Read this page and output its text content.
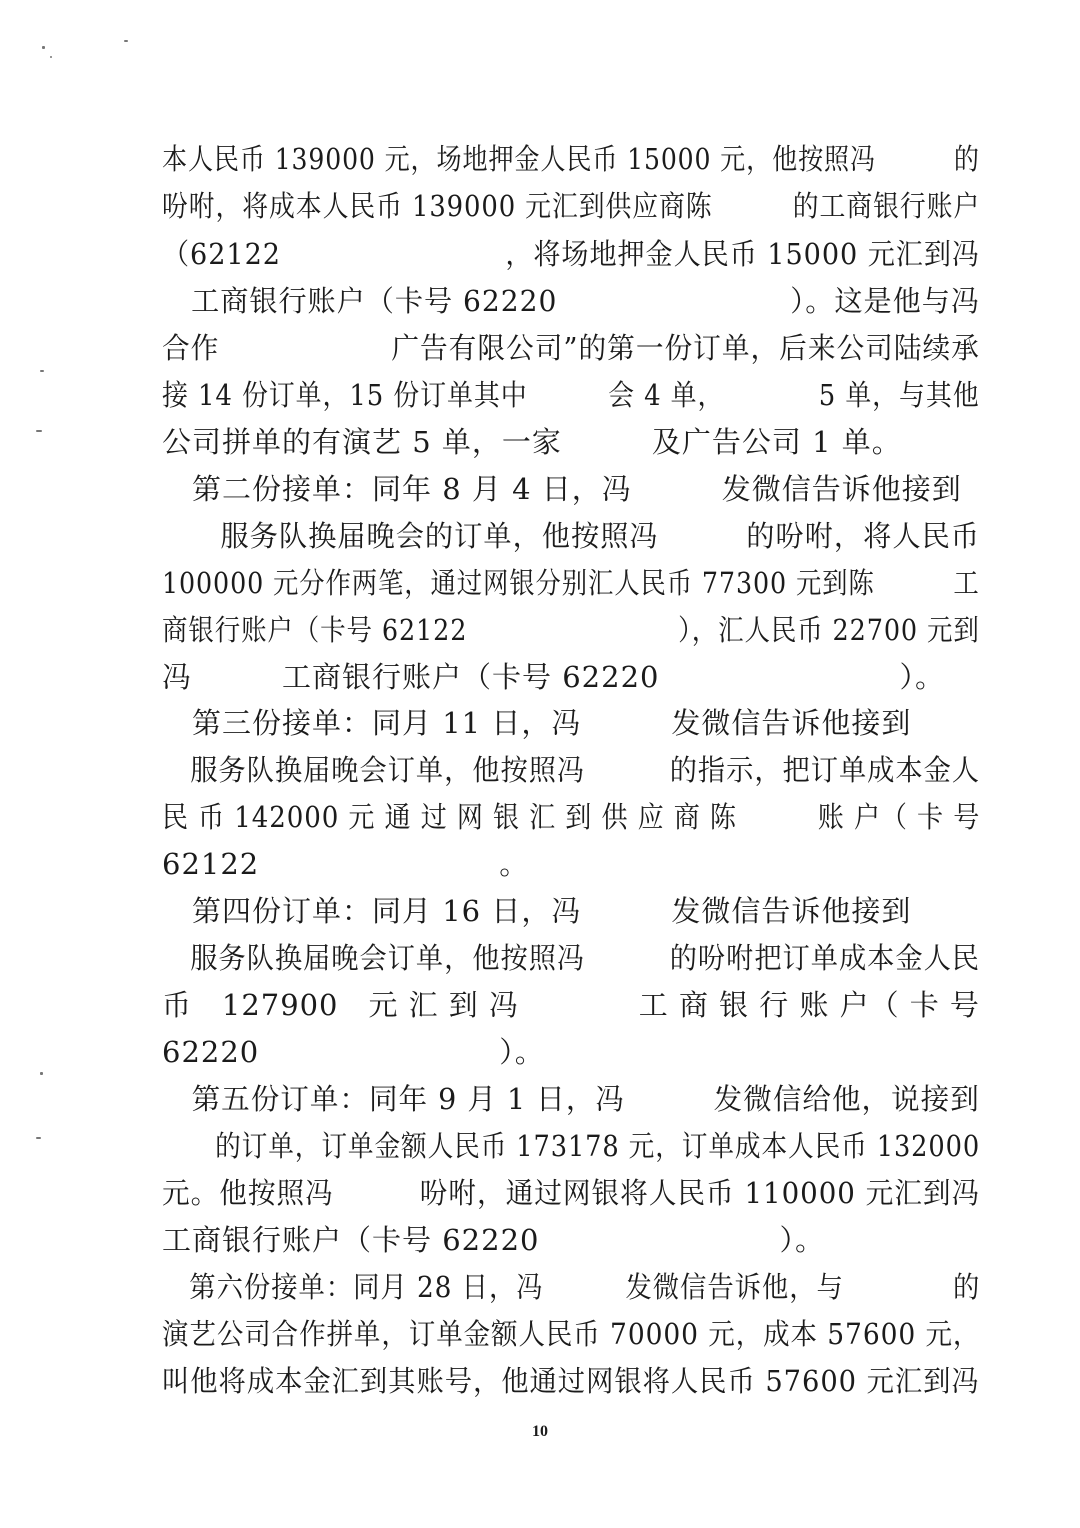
本人民币 139000 元，场地押金人民币 15000 元，他按照冯　　　的
吩咐，将成本人民币 139000 元汇到供应商陈　　　的工商银行账户
（62122　　　　　　　　，将场地押金人民币 15000 元汇到冯
　工商银行账户（卡号 62220　　　　　　　　）。这是他与冯
合作　　　　　　广告有限公司”的第一份订单，后来公司陆续承
接 14 份订单，15 份订单其中　　　会 4 单，　　　　5 单，与其他
公司拼单的有演艺 5 单，一家　　　及广告公司 1 单。
　第二份接单：同年 8 月 4 日，冯　　　发微信告诉他接到
　　服务队换届晚会的订单，他按照冯　　　的吩咐，将人民币
100000 元分作两笔，通过网银分别汇人民币 77300 元到陈　　　工
商银行账户（卡号 62122　　　　　　　　），汇人民币 22700 元到
冯　　　工商银行账户（卡号 62220　　　　　　　　）。
　第三份接单：同月 11 日，冯　　　发微信告诉他接到
　服务队换届晚会订单，他按照冯　　　的指示，把订单成本金人
民 币 142000 元 通 过 网 银 汇 到 供 应 商 陈　　　账 户（ 卡 号
62122　　　　　　　　。
　第四份订单：同月 16 日，冯　　　发微信告诉他接到
　服务队换届晚会订单，他按照冯　　　的吩咐把订单成本金人民
币　127900　元 汇 到 冯　　　　工 商 银 行 账 户（ 卡 号
62220　　　　　　　　）。
　第五份订单：同年 9 月 1 日，冯　　　发微信给他，说接到
　　的订单，订单金额人民币 173178 元，订单成本人民币 132000
元。他按照冯　　　吩咐，通过网银将人民币 110000 元汇到冯
工商银行账户（卡号 62220　　　　　　　　）。
　第六份接单：同月 28 日，冯　　　发微信告诉他，与　　　　的
演艺公司合作拼单，订单金额人民币 70000 元，成本 57600 元，
叫他将成本金汇到其账号，他通过网银将人民币 57600 元汇到冯
10
